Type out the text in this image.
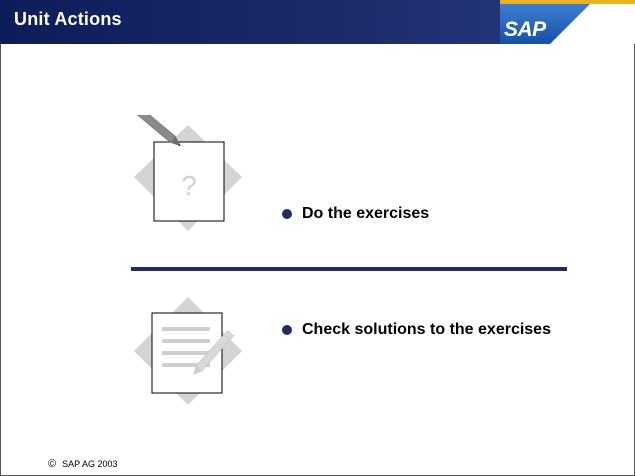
Unit Actions	SAP
?
Do the exercises
Check solutions to the exercises
© SAP AG 2003
